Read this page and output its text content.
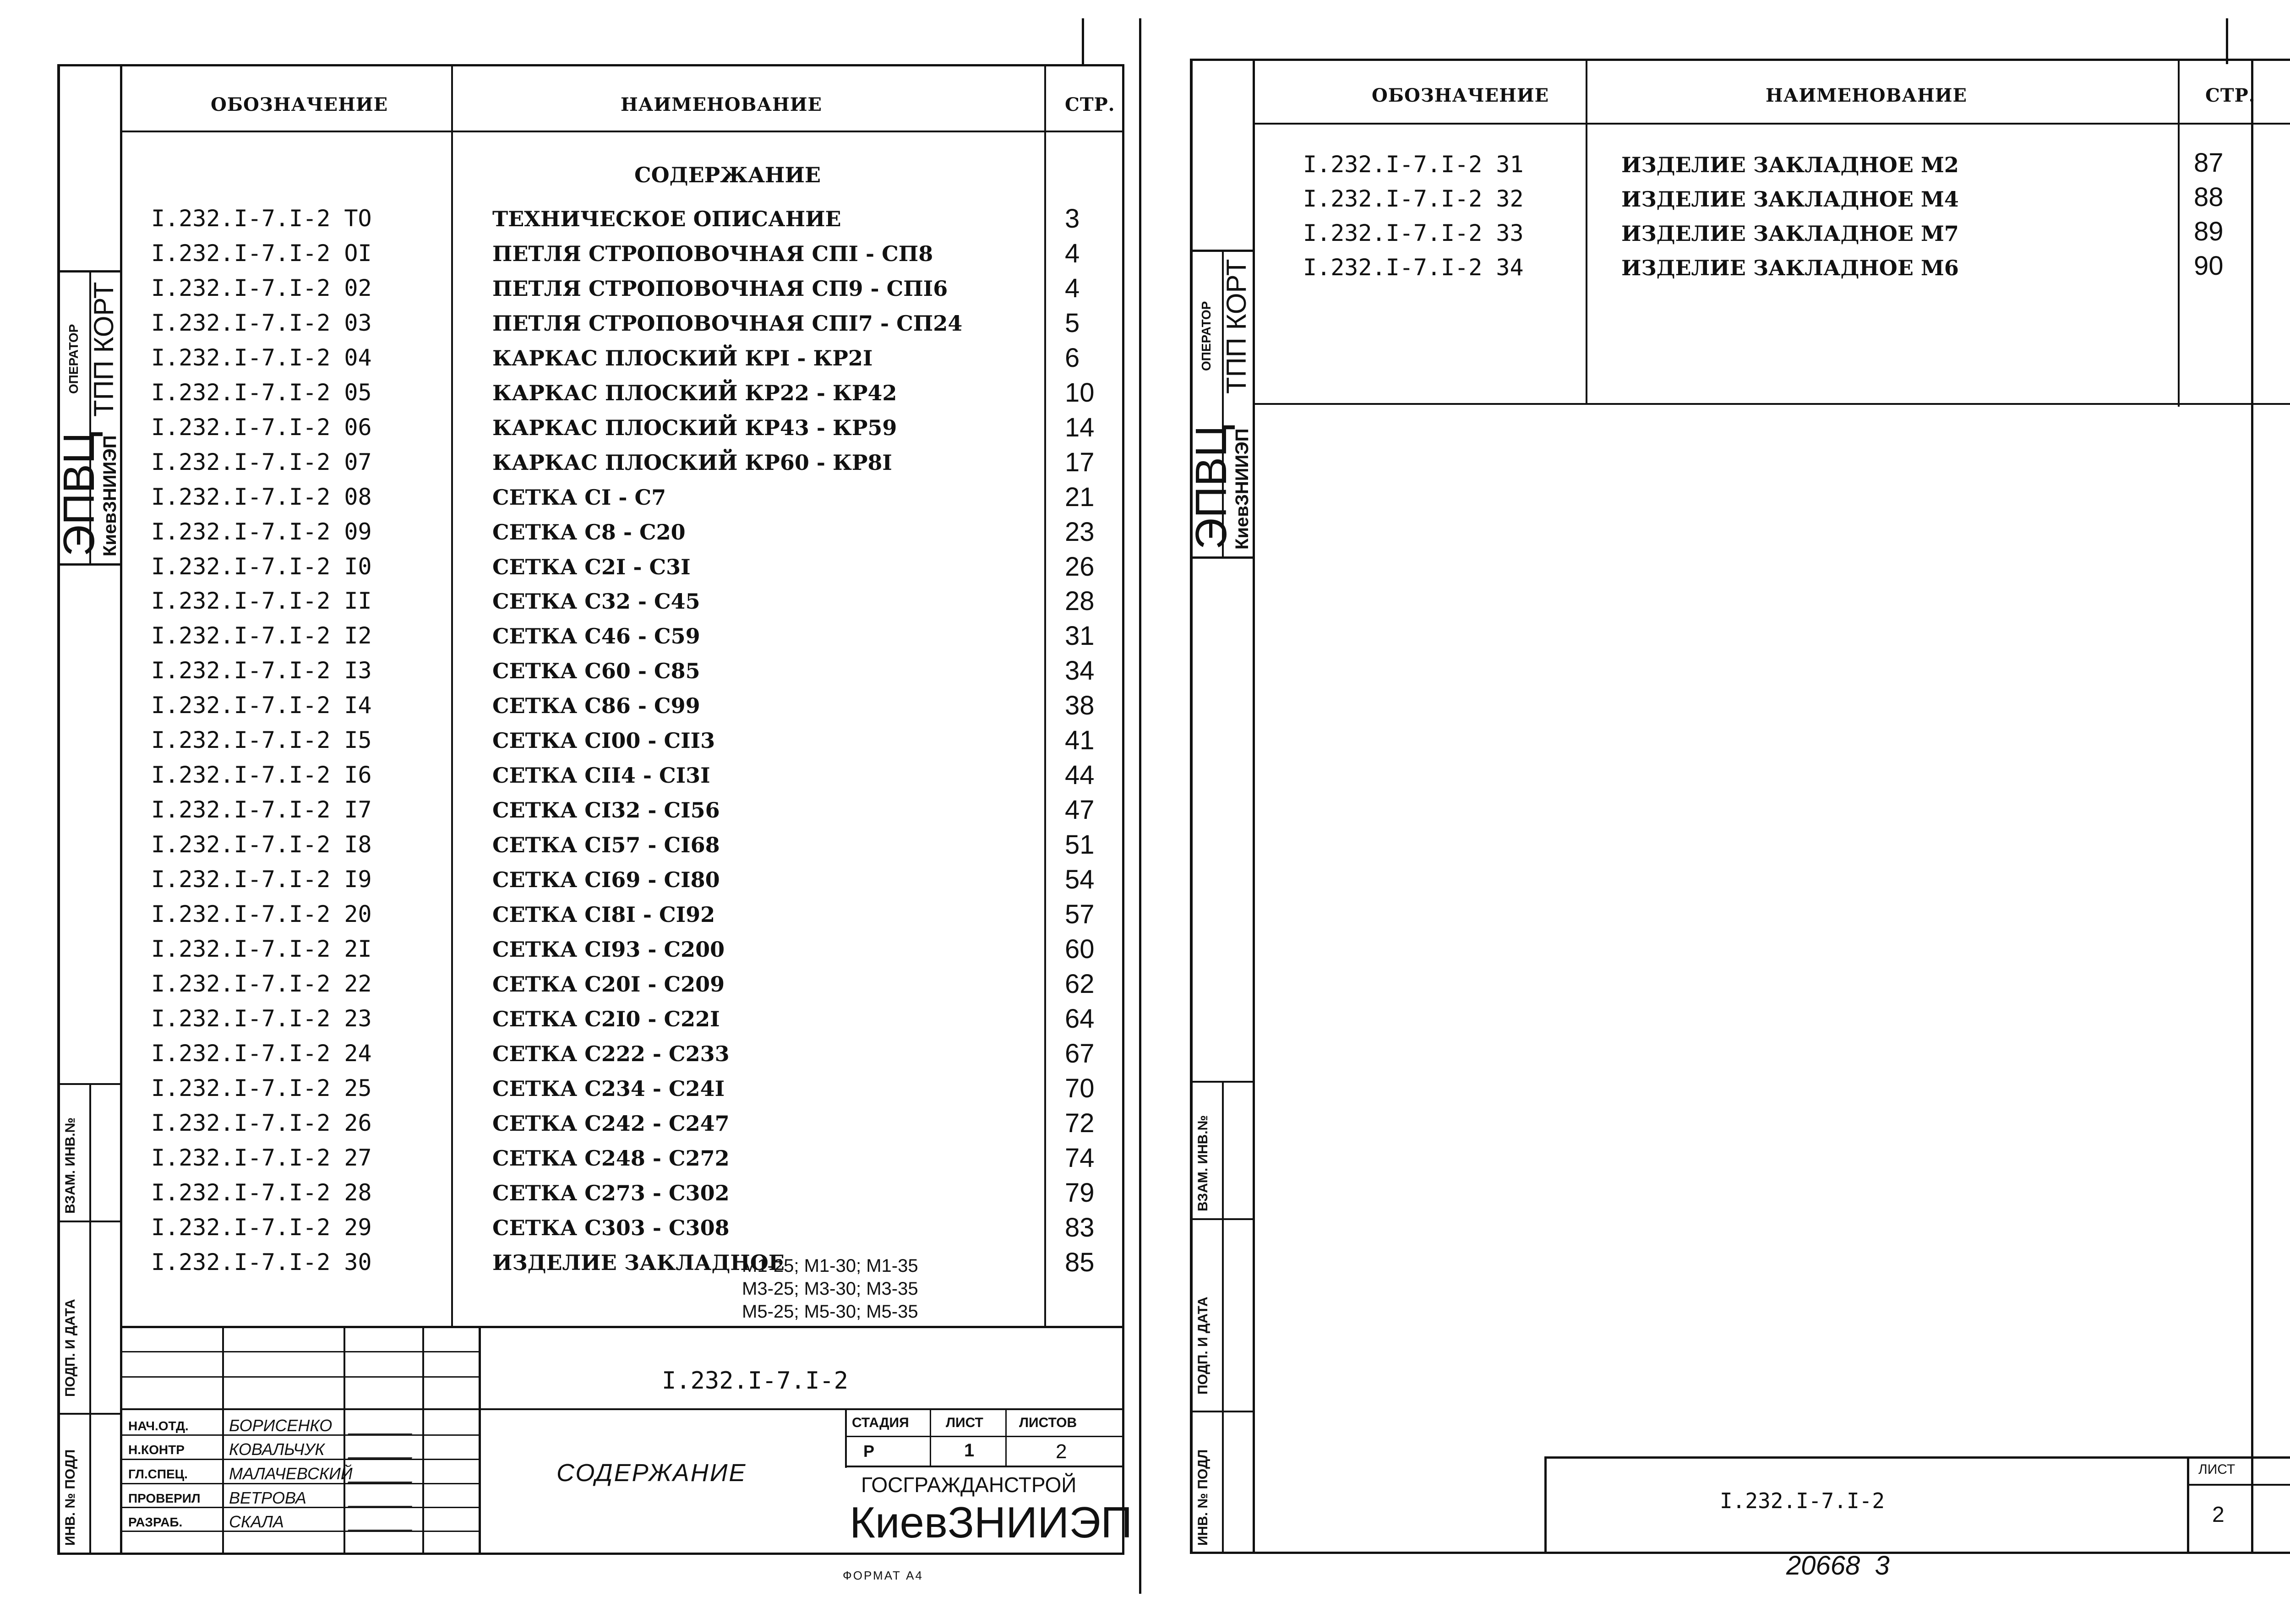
ОБОЗНАЧЕНИЕ	НАИМЕНОВАНИЕ	СТР.
СОДЕРЖАНИЕ
I.232.I-7.I-2 ТО	ТЕХНИЧЕСКОЕ ОПИСАНИЕ	3
I.232.I-7.I-2 OI	ПЕТЛЯ СТРОПОВОЧНАЯ СПI - СП8	4
I.232.I-7.I-2 02	ПЕТЛЯ СТРОПОВОЧНАЯ СП9 - СПI6	4
I.232.I-7.I-2 03	ПЕТЛЯ СТРОПОВОЧНАЯ СПI7 - СП24	5
I.232.I-7.I-2 04	КАРКАС ПЛОСКИЙ КРI - КР2I	6
I.232.I-7.I-2 05	КАРКАС ПЛОСКИЙ КР22 - КР42	10
I.232.I-7.I-2 06	КАРКАС ПЛОСКИЙ КР43 - КР59	14
I.232.I-7.I-2 07	КАРКАС ПЛОСКИЙ КР60 - КР8I	17
I.232.I-7.I-2 08	СЕТКА СI - С7	21
I.232.I-7.I-2 09	СЕТКА С8 - С20	23
I.232.I-7.I-2 I0	СЕТКА С2I - С3I	26
I.232.I-7.I-2 II	СЕТКА С32 - С45	28
I.232.I-7.I-2 I2	СЕТКА С46 - С59	31
I.232.I-7.I-2 I3	СЕТКА С60 - С85	34
I.232.I-7.I-2 I4	СЕТКА С86 - С99	38
I.232.I-7.I-2 I5	СЕТКА СI00 - СII3	41
I.232.I-7.I-2 I6	СЕТКА СII4 - СI3I	44
I.232.I-7.I-2 I7	СЕТКА СI32 - СI56	47
I.232.I-7.I-2 I8	СЕТКА СI57 - СI68	51
I.232.I-7.I-2 I9	СЕТКА СI69 - СI80	54
I.232.I-7.I-2 20	СЕТКА СI8I - СI92	57
I.232.I-7.I-2 2I	СЕТКА СI93 - С200	60
I.232.I-7.I-2 22	СЕТКА С20I - С209	62
I.232.I-7.I-2 23	СЕТКА С2I0 - С22I	64
I.232.I-7.I-2 24	СЕТКА С222 - С233	67
I.232.I-7.I-2 25	СЕТКА С234 - С24I	70
I.232.I-7.I-2 26	СЕТКА С242 - С247	72
I.232.I-7.I-2 27	СЕТКА С248 - С272	74
I.232.I-7.I-2 28	СЕТКА С273 - С302	79
I.232.I-7.I-2 29	СЕТКА С303 - С308	83
I.232.I-7.I-2 30	ИЗДЕЛИЕ ЗАКЛАДНОЕ	85
М1-25; М1-30; М1-35
М3-25; М3-30; М3-35
М5-25; М5-30; М5-35
ЭПВЦ
КиевЗНИИЭП
ОПЕРАТОР ТПП КОРТ
ВЗАМ. ИНВ.№
ПОДП. И ДАТА
ИНВ. № ПОДЛ
I.232.I-7.I-2
СОДЕРЖАНИЕ
СТАДИЯ	ЛИСТ	ЛИСТОВ
Р	1	2
ГОСГРАЖДАНСТРОЙ
КиевЗНИИЭП
НАЧ.ОТД. БОРИСЕНКО
Н.КОНТР	КОВАЛЬЧУК
ГЛ.СПЕЦ.	МАЛАЧЕВСКИЙ
ПРОВЕРИЛ ВЕТРОВА
РАЗРАБ.	СКАЛА
ФОРМАТ А4
ОБОЗНАЧЕНИЕ	НАИМЕНОВАНИЕ	СТР.
I.232.I-7.I-2 31	ИЗДЕЛИЕ ЗАКЛАДНОЕ М2	87
I.232.I-7.I-2 32	ИЗДЕЛИЕ ЗАКЛАДНОЕ М4	88
I.232.I-7.I-2 33	ИЗДЕЛИЕ ЗАКЛАДНОЕ М7	89
I.232.I-7.I-2 34	ИЗДЕЛИЕ ЗАКЛАДНОЕ М6	90
ЭПВЦ
КиевЗНИИЭП
ОПЕРАТОР ТПП КОРТ
ВЗАМ. ИНВ.№
ПОДП. И ДАТА
ИНВ. № ПОДЛ	I.232.I-7.I-2
ЛИСТ
2
20668  3
